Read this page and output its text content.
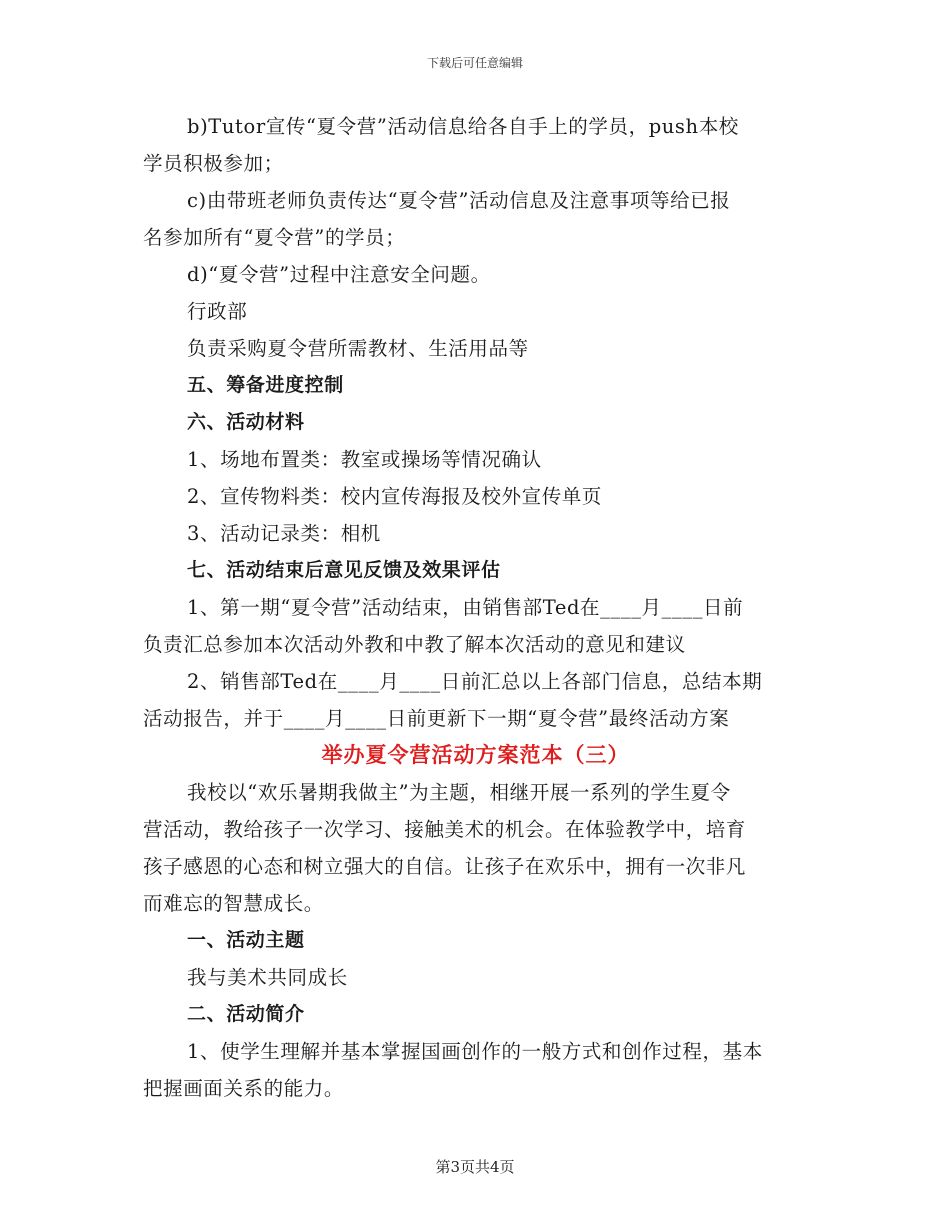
下载后可任意编辑

b)Tutor宣传“夏令营”活动信息给各自手上的学员，push本校

学员积极参加；

c)由带班老师负责传达“夏令营”活动信息及注意事项等给已报

名参加所有“夏令营”的学员；

d)“夏令营”过程中注意安全问题。

行政部

负责采购夏令营所需教材、生活用品等

五、筹备进度控制

六、活动材料

1、场地布置类：教室或操场等情况确认

2、宣传物料类：校内宣传海报及校外宣传单页

3、活动记录类：相机

七、活动结束后意见反馈及效果评估

1、第一期“夏令营”活动结束，由销售部Ted在____月____日前

负责汇总参加本次活动外教和中教了解本次活动的意见和建议

2、销售部Ted在____月____日前汇总以上各部门信息，总结本期

活动报告，并于____月____日前更新下一期“夏令营”最终活动方案

举办夏令营活动方案范本（三）

我校以“欢乐暑期我做主”为主题，相继开展一系列的学生夏令

营活动，教给孩子一次学习、接触美术的机会。在体验教学中，培育

孩子感恩的心态和树立强大的自信。让孩子在欢乐中，拥有一次非凡

而难忘的智慧成长。

一、活动主题

我与美术共同成长

二、活动简介

1、使学生理解并基本掌握国画创作的一般方式和创作过程，基本

把握画面关系的能力。

第3页共4页
